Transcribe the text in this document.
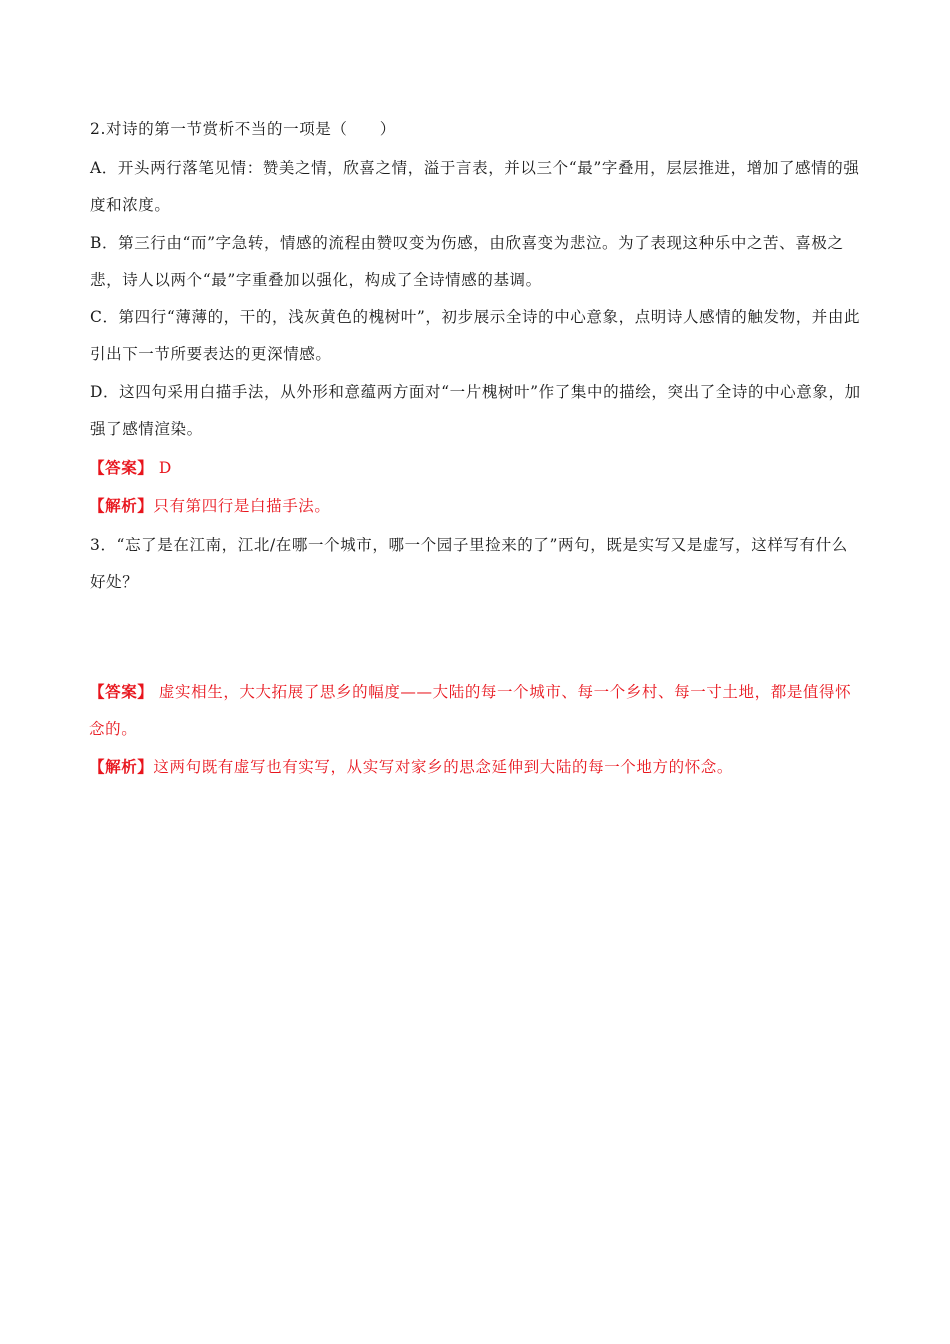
2.对诗的第一节赏析不当的一项是（　　）

A．开头两行落笔见情：赞美之情，欣喜之情，溢于言表，并以三个“最”字叠用，层层推进，增加了感情的强度和浓度。

B．第三行由“而”字急转，情感的流程由赞叹变为伤感，由欣喜变为悲泣。为了表现这种乐中之苦、喜极之悲，诗人以两个“最”字重叠加以强化，构成了全诗情感的基调。

C．第四行“薄薄的，干的，浅灰黄色的槐树叶”，初步展示全诗的中心意象，点明诗人感情的触发物，并由此引出下一节所要表达的更深情感。

D．这四句采用白描手法，从外形和意蕴两方面对“一片槐树叶”作了集中的描绘，突出了全诗的中心意象，加强了感情渲染。

【答案】 D

【解析】只有第四行是白描手法。

3．“忘了是在江南，江北/在哪一个城市，哪一个园子里捡来的了”两句，既是实写又是虚写，这样写有什么好处？

【答案】 虚实相生，大大拓展了思乡的幅度——大陆的每一个城市、每一个乡村、每一寸土地，都是值得怀念的。

【解析】这两句既有虚写也有实写，从实写对家乡的思念延伸到大陆的每一个地方的怀念。
